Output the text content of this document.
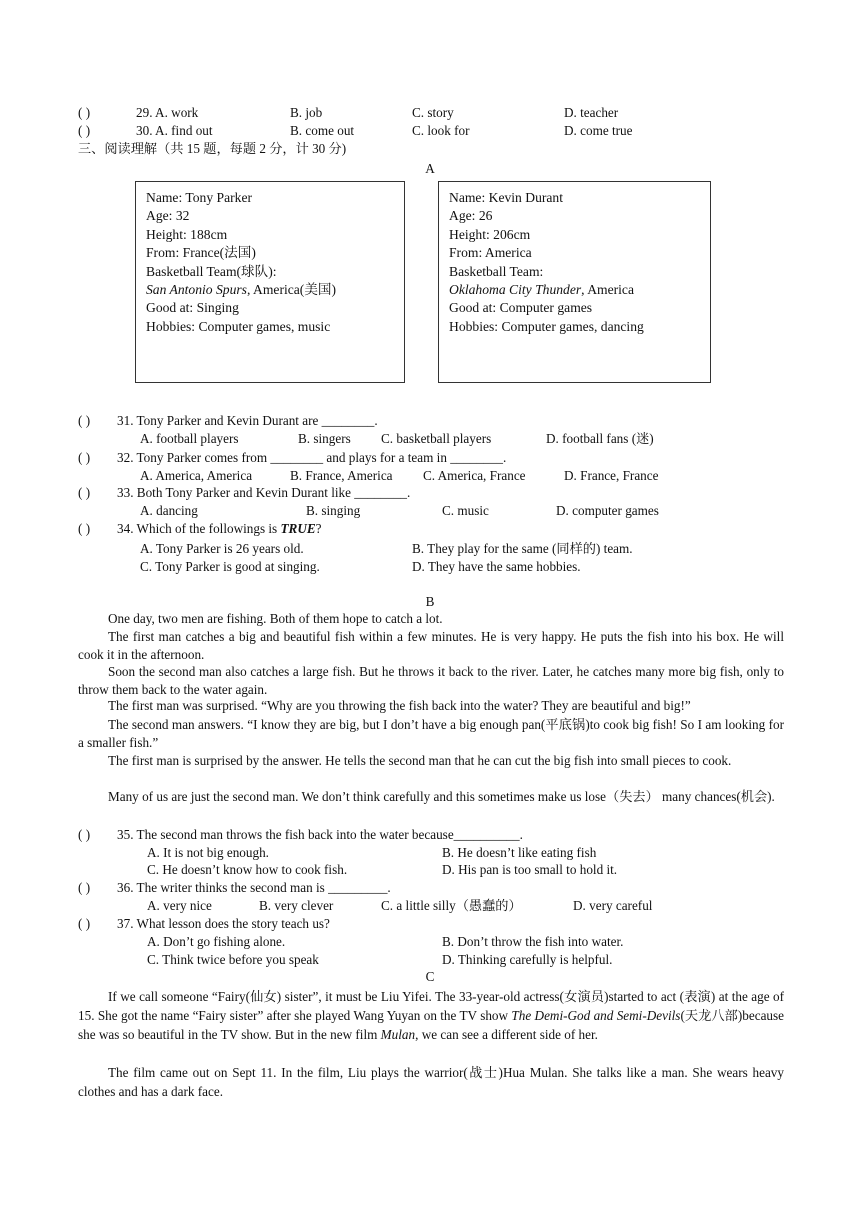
( )	29. A. work	B. job	C. story	D. teacher
( )	30. A. find out	B. come out	C. look for	D. come true
三、阅读理解（共 15 题，每题 2 分，计 30 分)
A
Name: Tony Parker
Age: 32
Height: 188cm
From: France(法国)
Basketball Team(球队):
San Antonio Spurs, America(美国)
Good at: Singing
Hobbies: Computer games, music
Name: Kevin Durant
Age: 26
Height: 206cm
From: America
Basketball Team:
Oklahoma City Thunder, America
Good at: Computer games
Hobbies: Computer games, dancing
( ) 31. Tony Parker and Kevin Durant are ________.
A. football players	B. singers C. basketball players	D. football fans (迷)
( ) 32. Tony Parker comes from ________ and plays for a team in ________.
A. America, America	B. France, America C. America, France	D. France, France
( ) 33. Both Tony Parker and Kevin Durant like ________.
A. dancing	B. singing	C. music	D. computer games
( ) 34. Which of the followings is TRUE?
A. Tony Parker is 26 years old.	B. They play for the same (同样的) team.
C. Tony Parker is good at singing.	D. They have the same hobbies.
B
One day, two men are fishing. Both of them hope to catch a lot.
The first man catches a big and beautiful fish within a few minutes. He is very happy. He puts the fish into his box. He will cook it in the afternoon.
Soon the second man also catches a large fish. But he throws it back to the river. Later, he catches many more big fish, only to throw them back to the water again.
The first man was surprised. “Why are you throwing the fish back into the water? They are beautiful and big!”
The second man answers. “I know they are big, but I don’t have a big enough pan(平底锅)to cook big fish! So I am looking for a smaller fish.”
The first man is surprised by the answer. He tells the second man that he can cut the big fish into small pieces to cook.
Many of us are just the second man. We don’t think carefully and this sometimes make us lose（失去） many chances(机会).
( ) 35. The second man throws the fish back into the water because__________.
A. It is not big enough.	B. He doesn’t like eating fish
C. He doesn’t know how to cook fish.	D. His pan is too small to hold it.
( ) 36. The writer thinks the second man is _________.
A. very nice	B. very clever	C. a little silly（愚蠢的）	D. very careful
( ) 37. What lesson does the story teach us?
A. Don’t go fishing alone.	B. Don’t throw the fish into water.
C. Think twice before you speak	D. Thinking carefully is helpful.
C
If we call someone “Fairy(仙女) sister”, it must be Liu Yifei. The 33-year-old actress(女演员)started to act (表演) at the age of 15. She got the name “Fairy sister” after she played Wang Yuyan on the TV show The Demi-God and Semi-Devils(天龙八部)because she was so beautiful in the TV show. But in the new film Mulan, we can see a different side of her.
The film came out on Sept 11. In the film, Liu plays the warrior(战士)Hua Mulan. She talks like a man. She wears heavy clothes and has a dark face.
